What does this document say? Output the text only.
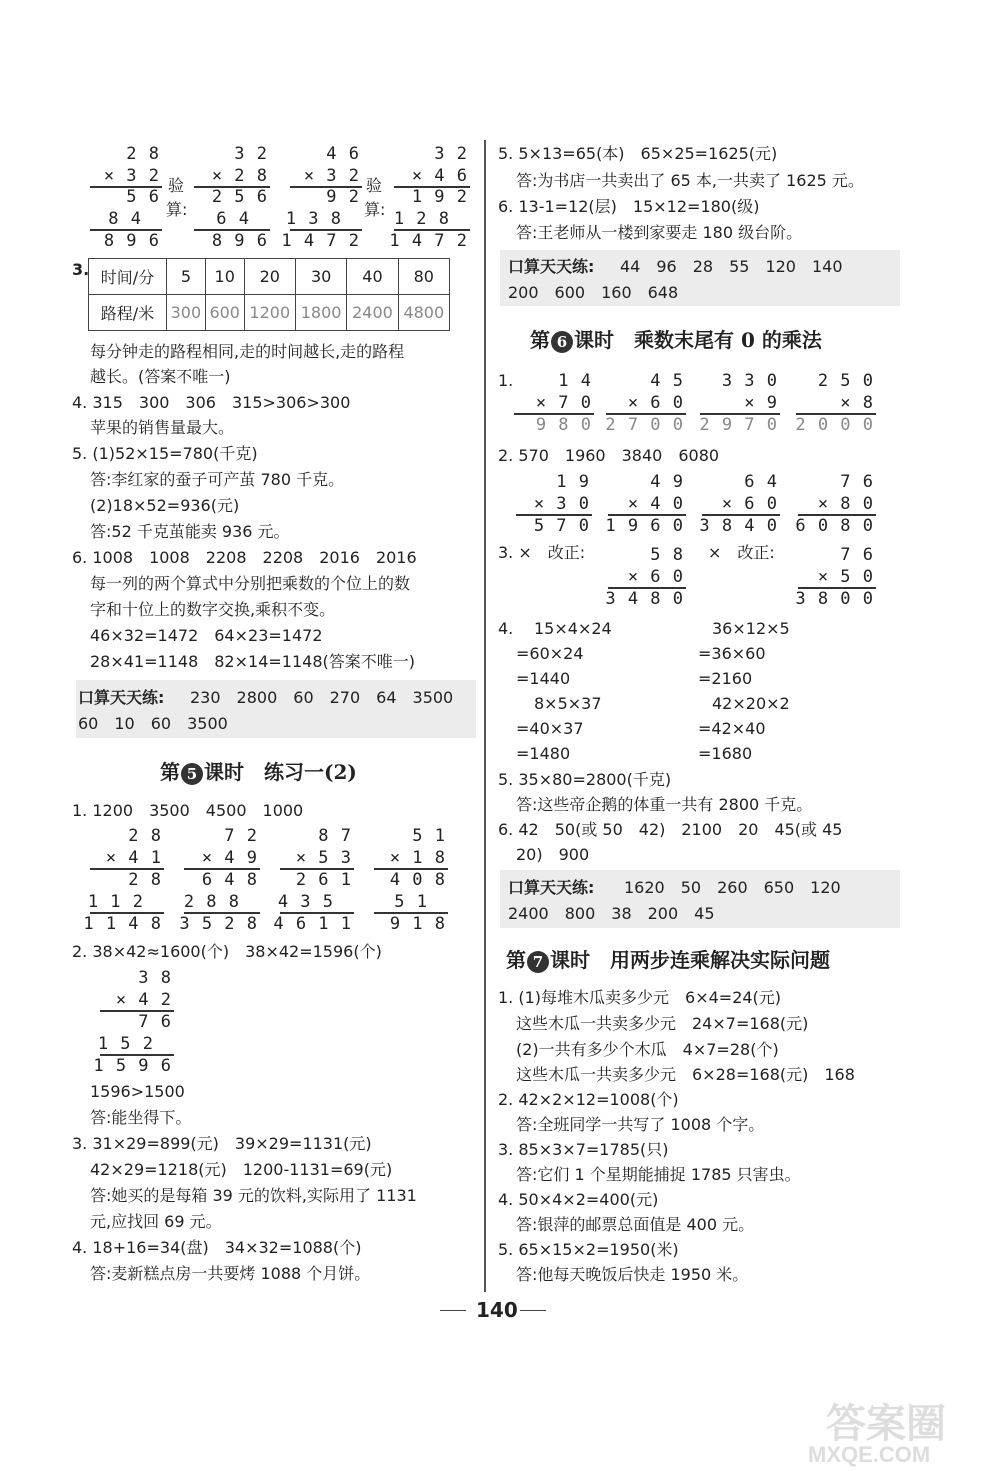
2 8
× 3 2
5 6
8 4
8 9 6
验
算:
3 2
× 2 8
2 5 6
6 4
8 9 6
4 6
× 3 2
9 2
1 3 8
1 4 7 2
验
算:
3 2
× 4 6
1 9 2
1 2 8
1 4 7 2
3. 时间/分	5	10	20	30	40	80
路程/米	300	600	1200	1800	2400	4800
每分钟走的路程相同,走的时间越长,走的路程
越长。(答案不唯一)
4. 315　300　306　315>306>300
苹果的销售量最大。
5. (1)52×15=780(千克)
答:李红家的蚕子可产茧 780 千克。
(2)18×52=936(元)
答:52 千克茧能卖 936 元。
6. 1008　1008　2208　2208　2016　2016
每一列的两个算式中分别把乘数的个位上的数
字和十位上的数字交换,乘积不变。
46×32=1472　64×23=1472
28×41=1148　82×14=1148(答案不唯一)
口算天天练: 230　2800　60　270　64　3500
60　10　60　3500
第 5 课时　练习一(2)
1. 1200　3500　4500　1000
2 8
× 4 1
2 8
1 1 2
1 1 4 8
7 2
× 4 9
6 4 8
2 8 8
3 5 2 8
8 7
× 5 3
2 6 1
4 3 5
4 6 1 1
5 1
× 1 8
4 0 8
5 1
9 1 8
2. 38×42≈1600(个)　38×42=1596(个)
3 8
× 4 2
7 6
1 5 2
1 5 9 6
1596>1500
答:能坐得下。
3. 31×29=899(元)　39×29=1131(元)
42×29=1218(元)　1200-1131=69(元)
答:她买的是每箱 39 元的饮料,实际用了 1131
元,应找回 69 元。
4. 18+16=34(盘)　34×32=1088(个)
答:麦新糕点房一共要烤 1088 个月饼。
5. 5×13=65(本)　65×25=1625(元)
答:为书店一共卖出了 65 本,一共卖了 1625 元。
6. 13-1=12(层)　15×12=180(级)
答:王老师从一楼到家要走 180 级台阶。
口算天天练: 44　96　28　55　120　140
200　600　160　648
第 6 课时　乘数末尾有 0 的乘法
1.	1 4
× 7 0
9 8 0
4 5
× 6 0
2 7 0 0
3 3 0
× 9
2 9 7 0
2 5 0
× 8
2 0 0 0
2. 570　1960　3840　6080
1 9
× 3 0
5 7 0
4 9
× 4 0
1 9 6 0
6 4
× 6 0
3 8 4 0
7 6
× 8 0
6 0 8 0
3. ×　改正:	5 8
× 6 0
3 4 8 0
×　改正:	7 6
× 5 0
3 8 0 0
4. 15×4×24
=60×24
=1440
8×5×37
=40×37
=1480
36×12×5
=36×60
=2160
42×20×2
=42×40
=1680
5. 35×80=2800(千克)
答:这些帝企鹅的体重一共有 2800 千克。
6. 42　50(或 50　42)　2100　20　45(或 45
20)　900
口算天天练: 1620　50　260　650　120
2400　800　38　200　45
第 7 课时　用两步连乘解决实际问题
1. (1)每堆木瓜卖多少元　6×4=24(元)
这些木瓜一共卖多少元　24×7=168(元)
(2)一共有多少个木瓜　4×7=28(个)
这些木瓜一共卖多少元　6×28=168(元)　168
2. 42×2×12=1008(个)
答:全班同学一共写了 1008 个字。
3. 85×3×7=1785(只)
答:它们 1 个星期能捕捉 1785 只害虫。
4. 50×4×2=400(元)
答:银萍的邮票总面值是 400 元。
5. 65×15×2=1950(米)
答:他每天晚饭后快走 1950 米。
140
答案圈
MXQE.COM
